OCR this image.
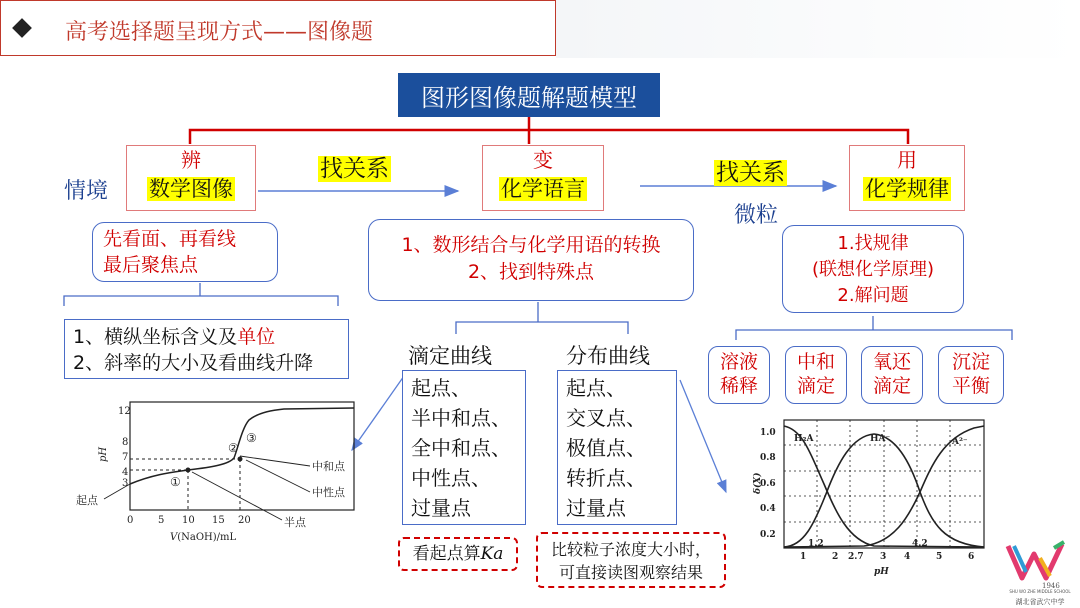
高考选择题呈现方式——图像题
图形图像题解题模型
情境
辨
数学图像
先看面、再看线
最后聚焦点
1、横纵坐标含义及单位
2、斜率的大小及看曲线升降
找关系	找关系
微粒
变
化学语言
1、数形结合与化学用语的转换
2、找到特殊点
滴定曲线
起点、
半中和点、
全中和点、
中性点、
过量点
分布曲线
起点、
交叉点、
极值点、
转折点、
过量点
看起点算Ka	比较粒子浓度大小时，
可直接读图观察结果
用
化学规律
1.找规律
(联想化学原理)
2.解问题
溶液
稀释
中和
滴定
氧还
滴定
沉淀
平衡
12
8
7
4
3
0 5 10 15 20
pH
V(NaOH)/mL
①
②
③
起点
中和点
中性点
半点
1.0
0.8
0.6
0.4
0.2
1	2	3 4	5	6
1.2
2.7
4.2
pH
δ(X)
H₂A	HA⁻	A²⁻
1946
SHU WO ZHE MIDDLE SCHOOL
湖北省武穴中学
